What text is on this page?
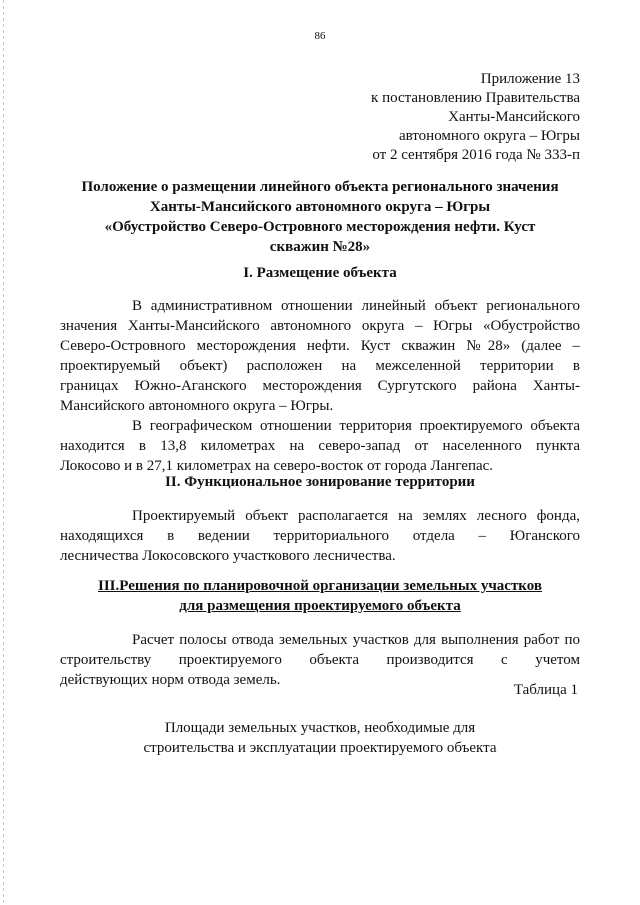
86
Приложение 13
к постановлению Правительства
Ханты-Мансийского
автономного округа – Югры
от 2 сентября 2016 года № 333-п
Положение о размещении линейного объекта регионального значения
Ханты-Мансийского автономного округа – Югры
«Обустройство Северо-Островного месторождения нефти. Куст
скважин №28»
I. Размещение объекта
В административном отношении линейный объект регионального
значения Ханты-Мансийского автономного округа – Югры «Обустройство
Северо-Островного месторождения нефти. Куст скважин №28» (далее –
проектируемый объект) расположен на межселенной территории в
границах Южно-Аганского месторождения Сургутского района Ханты-
Мансийского автономного округа – Югры.
В географическом отношении территория проектируемого объекта
находится в 13,8 километрах на северо-запад от населенного пункта
Локосово и в 27,1 километрах на северо-восток от города Лангепас.
II. Функциональное зонирование территории
Проектируемый объект располагается на землях лесного фонда,
находящихся в ведении территориального отдела – Юганского
лесничества Локосовского участкового лесничества.
III.Решения по планировочной организации земельных участков
для размещения проектируемого объекта
Расчет полосы отвода земельных участков для выполнения работ по
строительству проектируемого объекта производится с учетом
действующих норм отвода земель.
Таблица 1
Площади земельных участков, необходимые для
строительства и эксплуатации проектируемого объекта
